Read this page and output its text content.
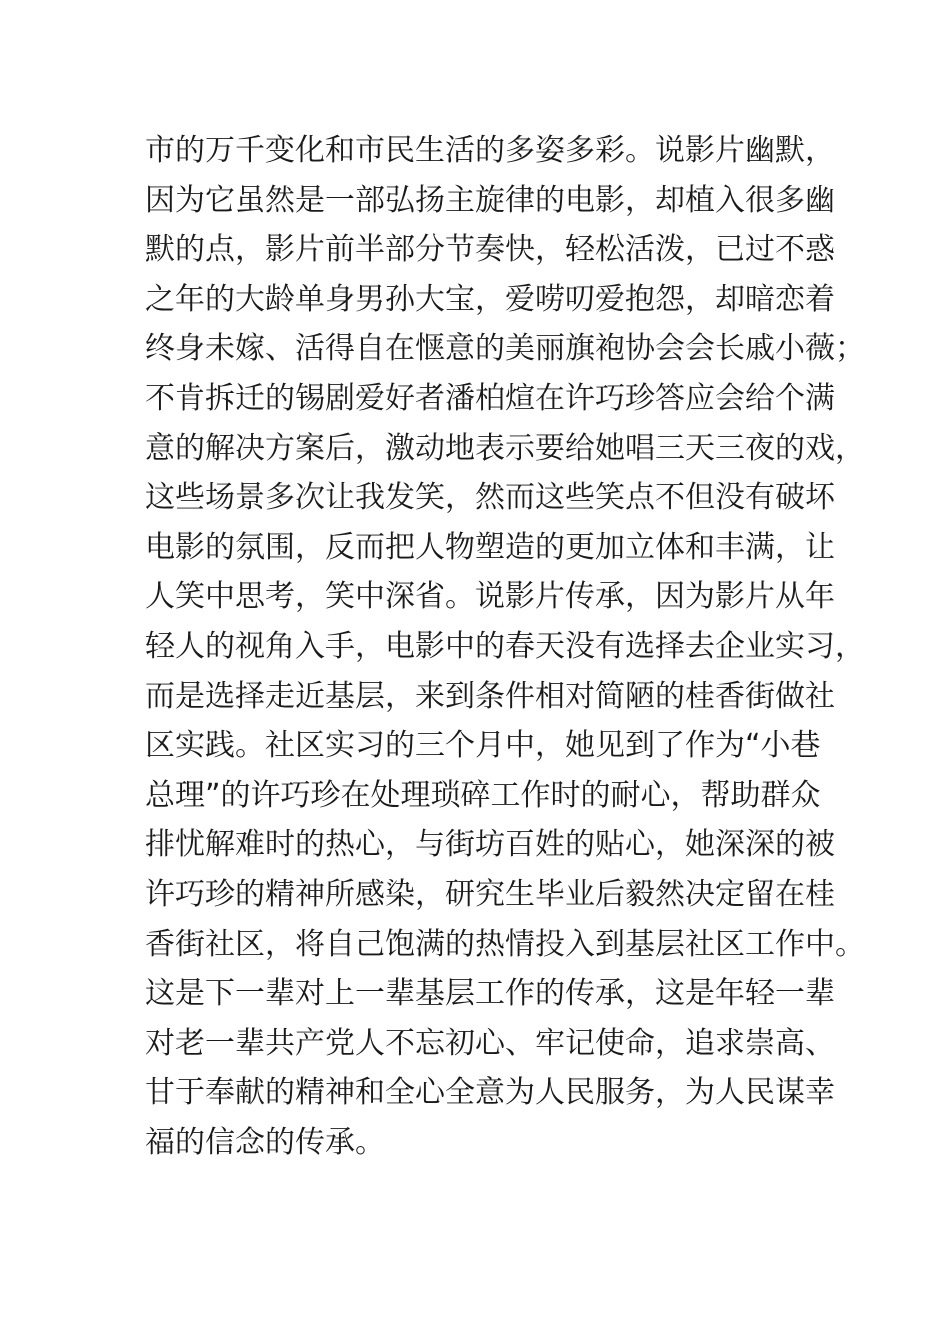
市的万千变化和市民生活的多姿多彩。说影片幽默，
因为它虽然是一部弘扬主旋律的电影，却植入很多幽
默的点，影片前半部分节奏快，轻松活泼，已过不惑
之年的大龄单身男孙大宝，爱唠叨爱抱怨，却暗恋着
终身未嫁、活得自在惬意的美丽旗袍协会会长戚小薇；
不肯拆迁的锡剧爱好者潘柏煊在许巧珍答应会给个满
意的解决方案后，激动地表示要给她唱三天三夜的戏，
这些场景多次让我发笑，然而这些笑点不但没有破坏
电影的氛围，反而把人物塑造的更加立体和丰满，让
人笑中思考，笑中深省。说影片传承，因为影片从年
轻人的视角入手，电影中的春天没有选择去企业实习，
而是选择走近基层，来到条件相对简陋的桂香街做社
区实践。社区实习的三个月中，她见到了作为“小巷
总理”的许巧珍在处理琐碎工作时的耐心，帮助群众
排忧解难时的热心，与街坊百姓的贴心，她深深的被
许巧珍的精神所感染，研究生毕业后毅然决定留在桂
香街社区，将自己饱满的热情投入到基层社区工作中。
这是下一辈对上一辈基层工作的传承，这是年轻一辈
对老一辈共产党人不忘初心、牢记使命，追求崇高、
甘于奉献的精神和全心全意为人民服务，为人民谋幸
福的信念的传承。
